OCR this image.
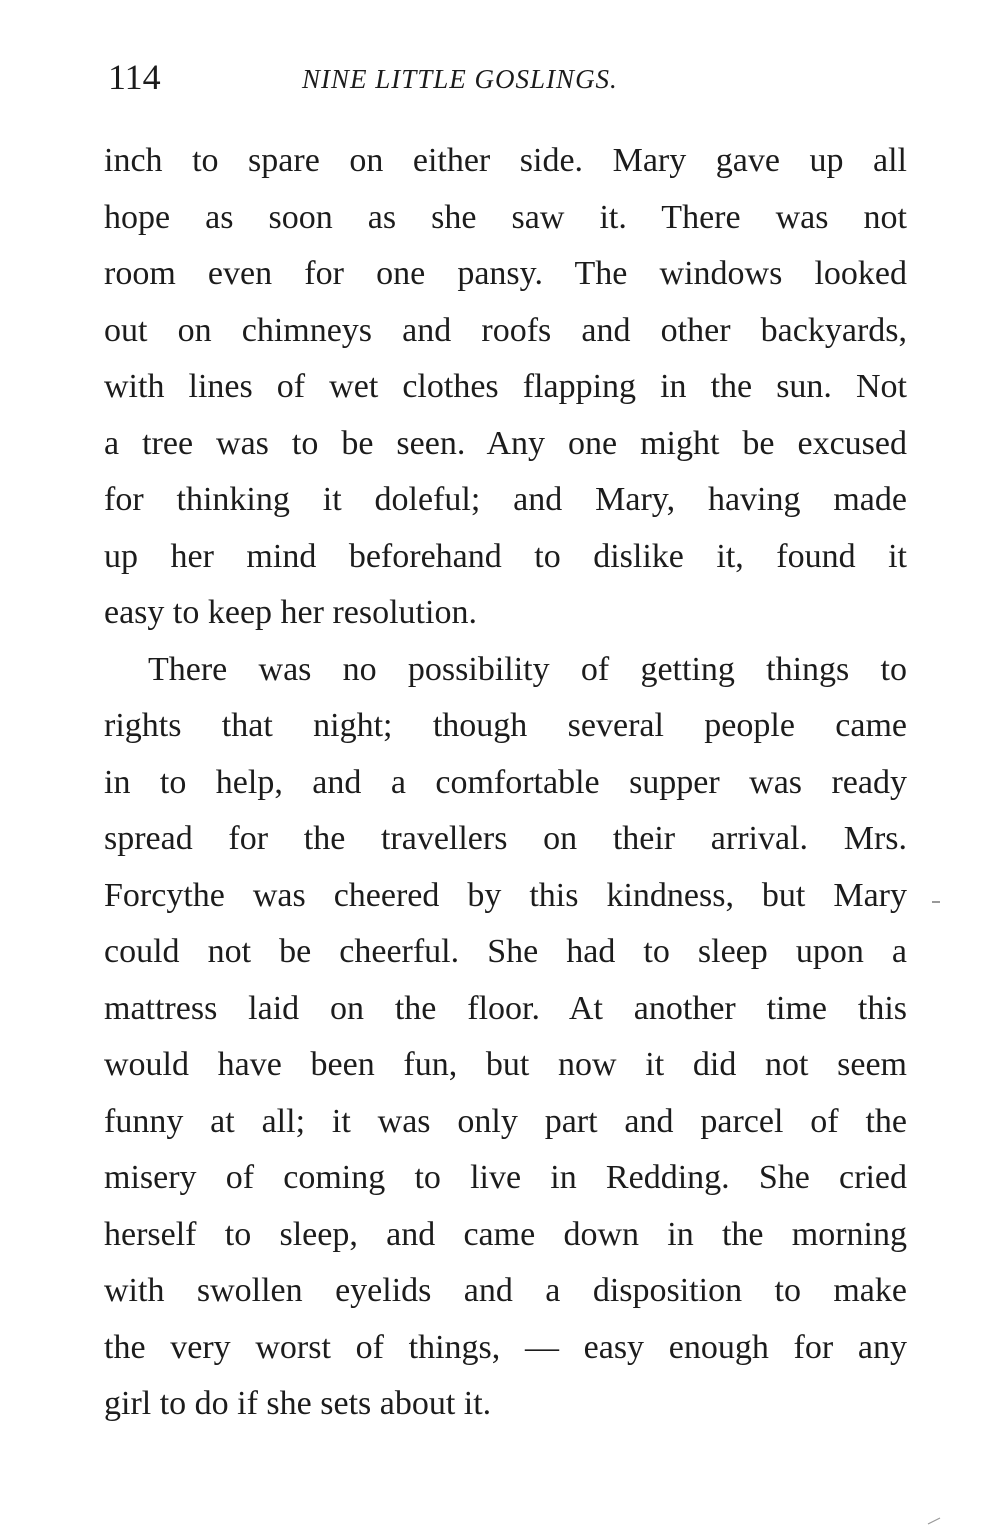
114	NINE LITTLE GOSLINGS.
inch to spare on either side. Mary gave up all
hope as soon as she saw it. There was not
room even for one pansy. The windows looked
out on chimneys and roofs and other backyards,
with lines of wet clothes flapping in the sun. Not
a tree was to be seen. Any one might be excused
for thinking it doleful; and Mary, having made
up her mind beforehand to dislike it, found it
easy to keep her resolution.
There was no possibility of getting things to
rights that night; though several people came
in to help, and a comfortable supper was ready
spread for the travellers on their arrival. Mrs.
Forcythe was cheered by this kindness, but Mary
could not be cheerful. She had to sleep upon a
mattress laid on the floor. At another time this
would have been fun, but now it did not seem
funny at all; it was only part and parcel of the
misery of coming to live in Redding. She cried
herself to sleep, and came down in the morning
with swollen eyelids and a disposition to make
the very worst of things, — easy enough for any
girl to do if she sets about it.
